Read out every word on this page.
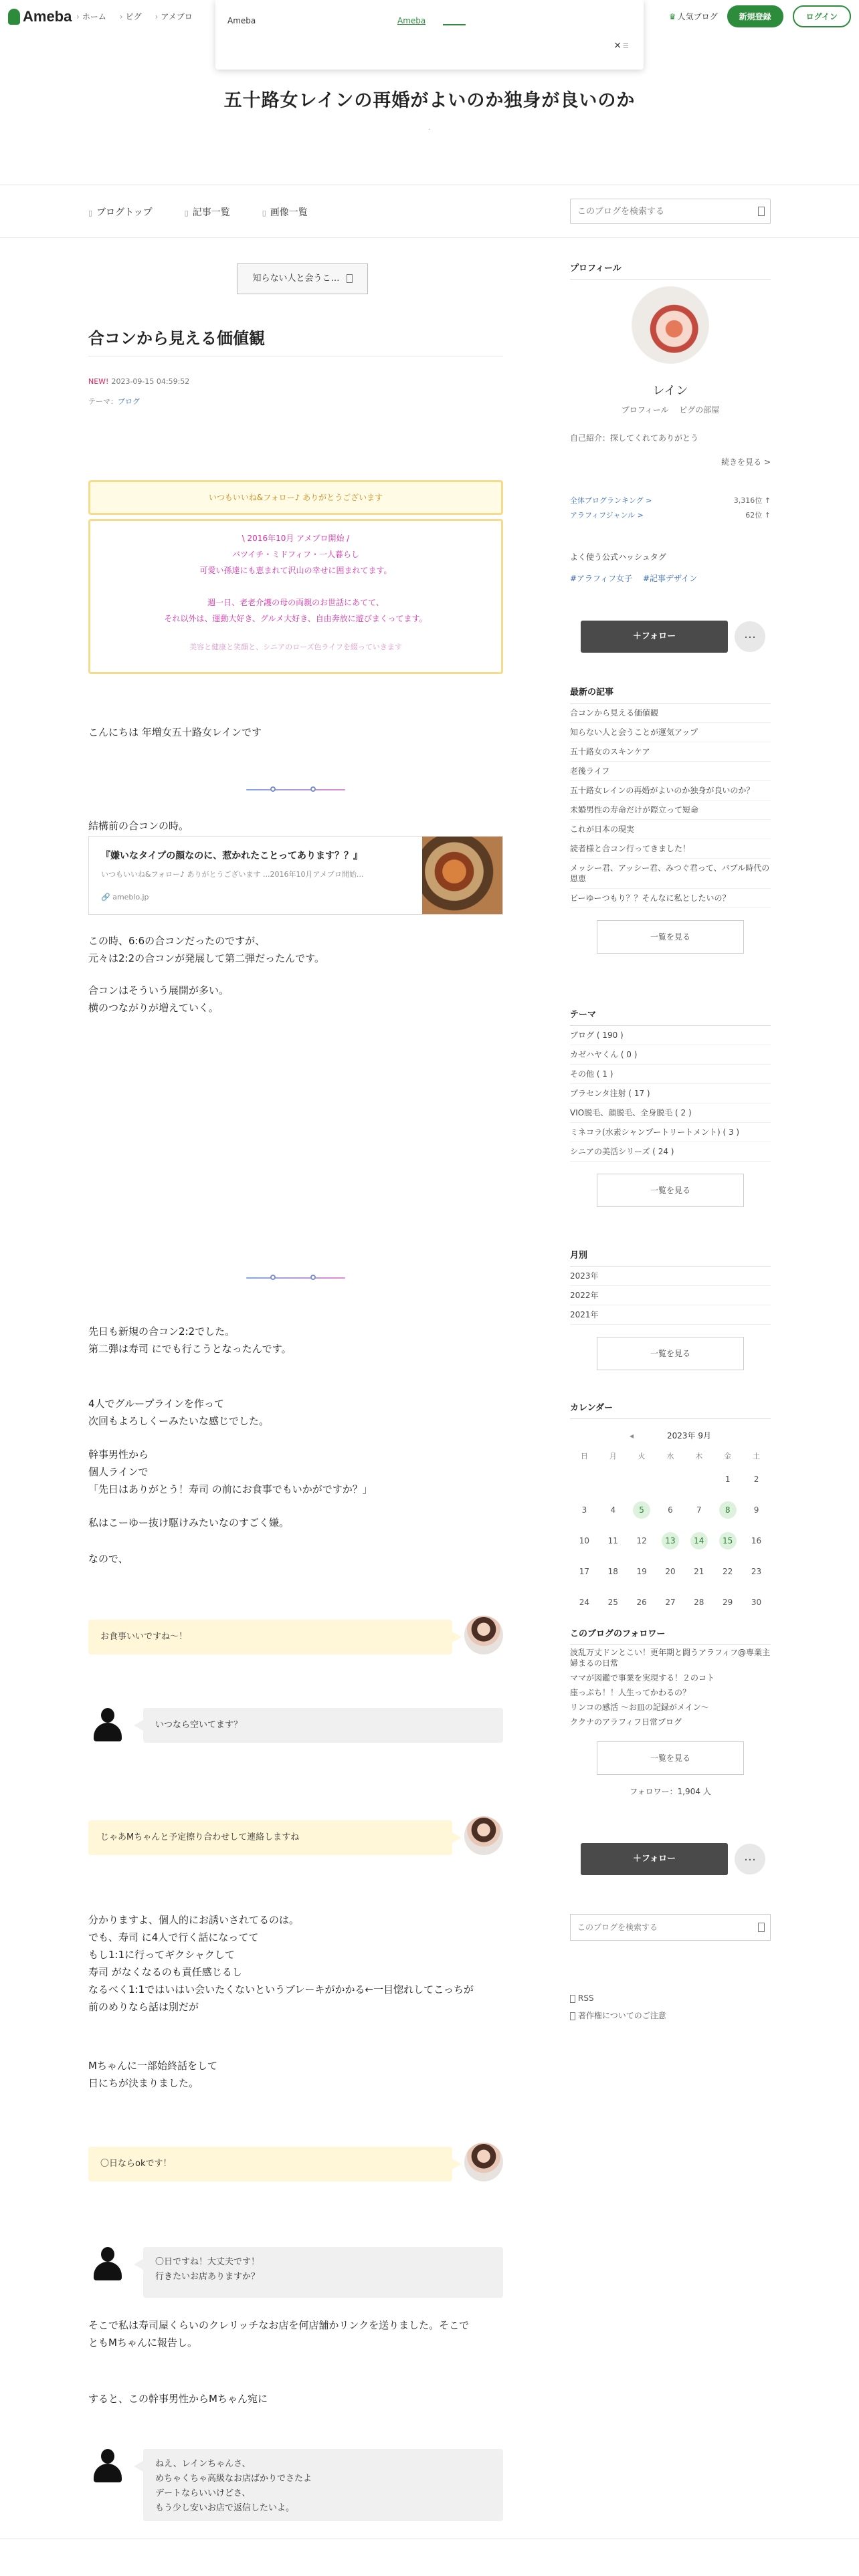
Ameba	› ホーム	› ピグ	› アメブロ	♛ 人気ブログ	新規登録	ログイン
Ameba	Ameba
× ☰
五十路女レインの再婚がよいのか独身が良いのか
.
▯ ブログトップ	▯ 記事一覧	▯ 画像一覧
このブログを検索する
知らない人と会うこ…
合コンから見える価値観
NEW! 2023-09-15 04:59:52
テーマ：ブログ
いつもいいね&フォロー♪ ありがとうございます
\ 2016年10月 アメブロ開始 /
バツイチ・ミドフィフ・一人暮らし
可愛い孫達にも恵まれて沢山の幸せに囲まれてます。
週一日、老老介護の母の両親のお世話にあてて、
それ以外は、運動大好き、グルメ大好き、自由奔放に遊びまくってます。
美容と健康と笑顔と、シニアのローズ色ライフを綴っていきます
こんにちは 年増女五十路女レインです
結構前の合コンの時。
『嫌いなタイプの顔なのに、惹かれたことってあります？？』
いつもいいね&フォロー♪ ありがとうございます ...2016年10月アメブロ開始...
🔗 ameblo.jp
この時、6:6の合コンだったのですが、
元々は2:2の合コンが発展して第二弾だったんです。
合コンはそういう展開が多い。
横のつながりが増えていく。
先日も新規の合コン2:2でした。
第二弾は寿司 にでも行こうとなったんです。
4人でグループラインを作って
次回もよろしくーみたいな感じでした。
幹事男性から
個人ラインで
「先日はありがとう！寿司 の前にお食事でもいかがですか？」
私はこーゆー抜け駆けみたいなのすごく嫌。
なので、
お食事いいですね～！
いつなら空いてます？
じゃあMちゃんと予定擦り合わせして連絡しますね
分かりますよ、個人的にお誘いされてるのは。
でも、寿司 に4人で行く話になってて
もし1:1に行ってギクシャクして
寿司 がなくなるのも責任感じるし
なるべく1:1ではいはい会いたくないというブレーキがかかる←一目惚れしてこっちが
前のめりなら話は別だが
Mちゃんに一部始終話をして
日にちが決まりました。
〇日ならokです！
〇日ですね！大丈夫です！
行きたいお店ありますか？
そこで私は寿司屋くらいのクレリッチなお店を何店舗かリンクを送りました。そこで
ともMちゃんに報告し。
すると、この幹事男性からMちゃん宛に
ねえ、レインちゃんさ、
めちゃくちゃ高級なお店ばかりでさたよ
デートならいいけどさ、
もう少し安いお店で返信したいよ。
プロフィール
レイン
プロフィール　 ピグの部屋
自己紹介：探してくれてありがとう
続きを見る >
全体ブログランキング >	3,316位 ↑
アラフィフジャンル >	62位 ↑
よく使う公式ハッシュタグ
#アラフィフ女子 #記事デザイン
＋フォロー	…
最新の記事
合コンから見える価値観
知らない人と会うことが運気アップ
五十路女のスキンケア
老後ライフ
五十路女レインの再婚がよいのか独身が良いのか？
未婚男性の寿命だけが際立って短命
これが日本の現実
読者様と合コン行ってきました！
メッシー君、アッシー君、みつぐ君って、バブル時代の恩恵
ビーゆーつもり？？そんなに私としたいの？
一覧を見る
テーマ
ブログ ( 190 )
カゼハヤくん ( 0 )
その他 ( 1 )
プラセンタ注射 ( 17 )
VIO脱毛、顔脱毛、全身脱毛 ( 2 )
ミネコラ(水素シャンプートリートメント) ( 3 )
シニアの美活シリーズ ( 24 )
一覧を見る
月別
2023年
2022年
2021年
一覧を見る
カレンダー
◂	2023年 9月
日	月	火	水	木	金	土
					1	2
3	4	5	6	7	8	9
10	11	12	13	14	15	16
17	18	19	20	21	22	23
24	25	26	27	28	29	30
このブログのフォロワー
波乱万丈ドンとこい！更年期と闘うアラフィフ@専業主婦まるの日常
ママが図鑑で事業を実現する！２のコト
座っぷち！！人生ってかわるの？
リンコの感活 〜お皿の記録がメイン〜
ククナのアラフィフ日常ブログ
一覧を見る
フォロワー：1,904 人
＋フォロー	…
このブログを検索する
RSS
著作権についてのご注意
